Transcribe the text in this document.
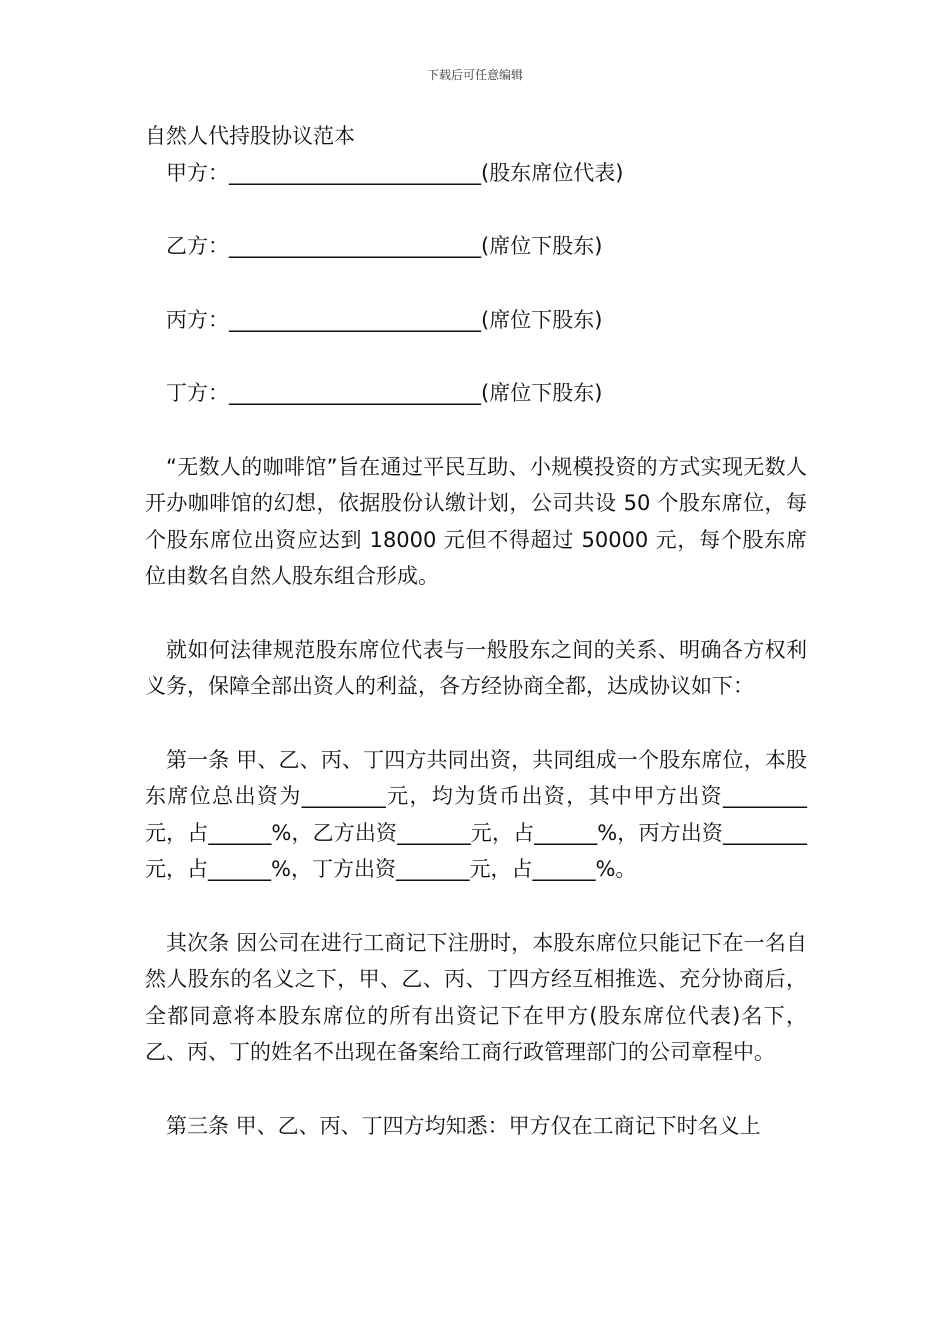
下载后可任意编辑

自然人代持股协议范本

甲方：________________________(股东席位代表)

乙方：________________________(席位下股东)

丙方：________________________(席位下股东)

丁方：________________________(席位下股东)

“无数人的咖啡馆”旨在通过平民互助、小规模投资的方式实现无数人开办咖啡馆的幻想，依据股份认缴计划，公司共设 50 个股东席位，每个股东席位出资应达到 18000 元但不得超过 50000 元，每个股东席位由数名自然人股东组合形成。

就如何法律规范股东席位代表与一般股东之间的关系、明确各方权利义务，保障全部出资人的利益，各方经协商全都，达成协议如下：

第一条 甲、乙、丙、丁四方共同出资，共同组成一个股东席位，本股东席位总出资为________元，均为货币出资，其中甲方出资________元，占______%，乙方出资_______元，占______%，丙方出资________元，占______%，丁方出资_______元，占______%。

其次条 因公司在进行工商记下注册时，本股东席位只能记下在一名自然人股东的名义之下，甲、乙、丙、丁四方经互相推选、充分协商后，全都同意将本股东席位的所有出资记下在甲方(股东席位代表)名下，乙、丙、丁的姓名不出现在备案给工商行政管理部门的公司章程中。

第三条 甲、乙、丙、丁四方均知悉：甲方仅在工商记下时名义上
